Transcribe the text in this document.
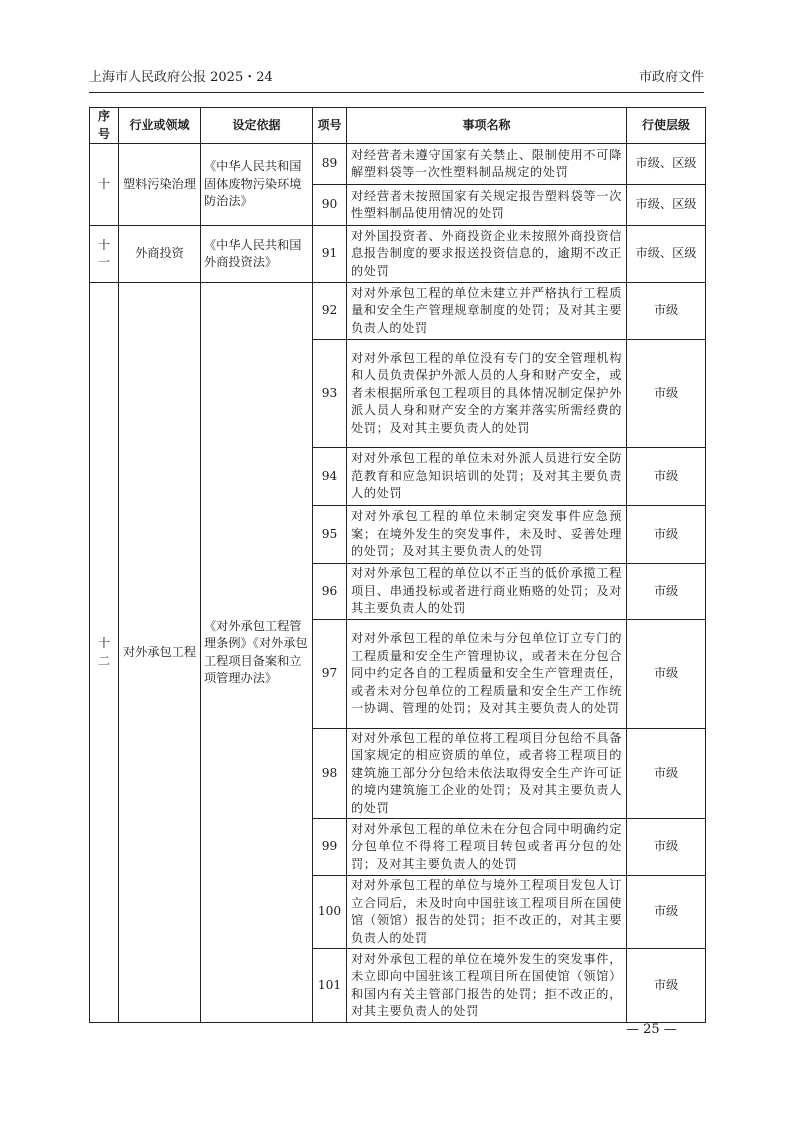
上海市人民政府公报 2025・24	市政府文件
序号	行业或领域	设定依据	项号	事项名称	行使层级
十	塑料污染治理	《中华人民共和国固体废物污染环境防治法》	89	对经营者未遵守国家有关禁止、限制使用不可降解塑料袋等一次性塑料制品规定的处罚	市级、区级
			90	对经营者未按照国家有关规定报告塑料袋等一次性塑料制品使用情况的处罚	市级、区级
十一	外商投资	《中华人民共和国外商投资法》	91	对外国投资者、外商投资企业未按照外商投资信息报告制度的要求报送投资信息的，逾期不改正的处罚	市级、区级
十二	对外承包工程	《对外承包工程管理条例》《对外承包工程项目备案和立项管理办法》	92	对对外承包工程的单位未建立并严格执行工程质量和安全生产管理规章制度的处罚；及对其主要负责人的处罚	市级
			93	对对外承包工程的单位没有专门的安全管理机构和人员负责保护外派人员的人身和财产安全，或者未根据所承包工程项目的具体情况制定保护外派人员人身和财产安全的方案并落实所需经费的处罚；及对其主要负责人的处罚	市级
			94	对对外承包工程的单位未对外派人员进行安全防范教育和应急知识培训的处罚；及对其主要负责人的处罚	市级
			95	对对外承包工程的单位未制定突发事件应急预案；在境外发生的突发事件，未及时、妥善处理的处罚；及对其主要负责人的处罚	市级
			96	对对外承包工程的单位以不正当的低价承揽工程项目、串通投标或者进行商业贿赂的处罚；及对其主要负责人的处罚	市级
			97	对对外承包工程的单位未与分包单位订立专门的工程质量和安全生产管理协议，或者未在分包合同中约定各自的工程质量和安全生产管理责任，或者未对分包单位的工程质量和安全生产工作统一协调、管理的处罚；及对其主要负责人的处罚	市级
			98	对对外承包工程的单位将工程项目分包给不具备国家规定的相应资质的单位，或者将工程项目的建筑施工部分分包给未依法取得安全生产许可证的境内建筑施工企业的处罚；及对其主要负责人的处罚	市级
			99	对对外承包工程的单位未在分包合同中明确约定分包单位不得将工程项目转包或者再分包的处罚；及对其主要负责人的处罚	市级
			100	对对外承包工程的单位与境外工程项目发包人订立合同后，未及时向中国驻该工程项目所在国使馆（领馆）报告的处罚；拒不改正的，对其主要负责人的处罚	市级
			101	对对外承包工程的单位在境外发生的突发事件，未立即向中国驻该工程项目所在国使馆（领馆）和国内有关主管部门报告的处罚；拒不改正的，对其主要负责人的处罚	市级
— 25 —
